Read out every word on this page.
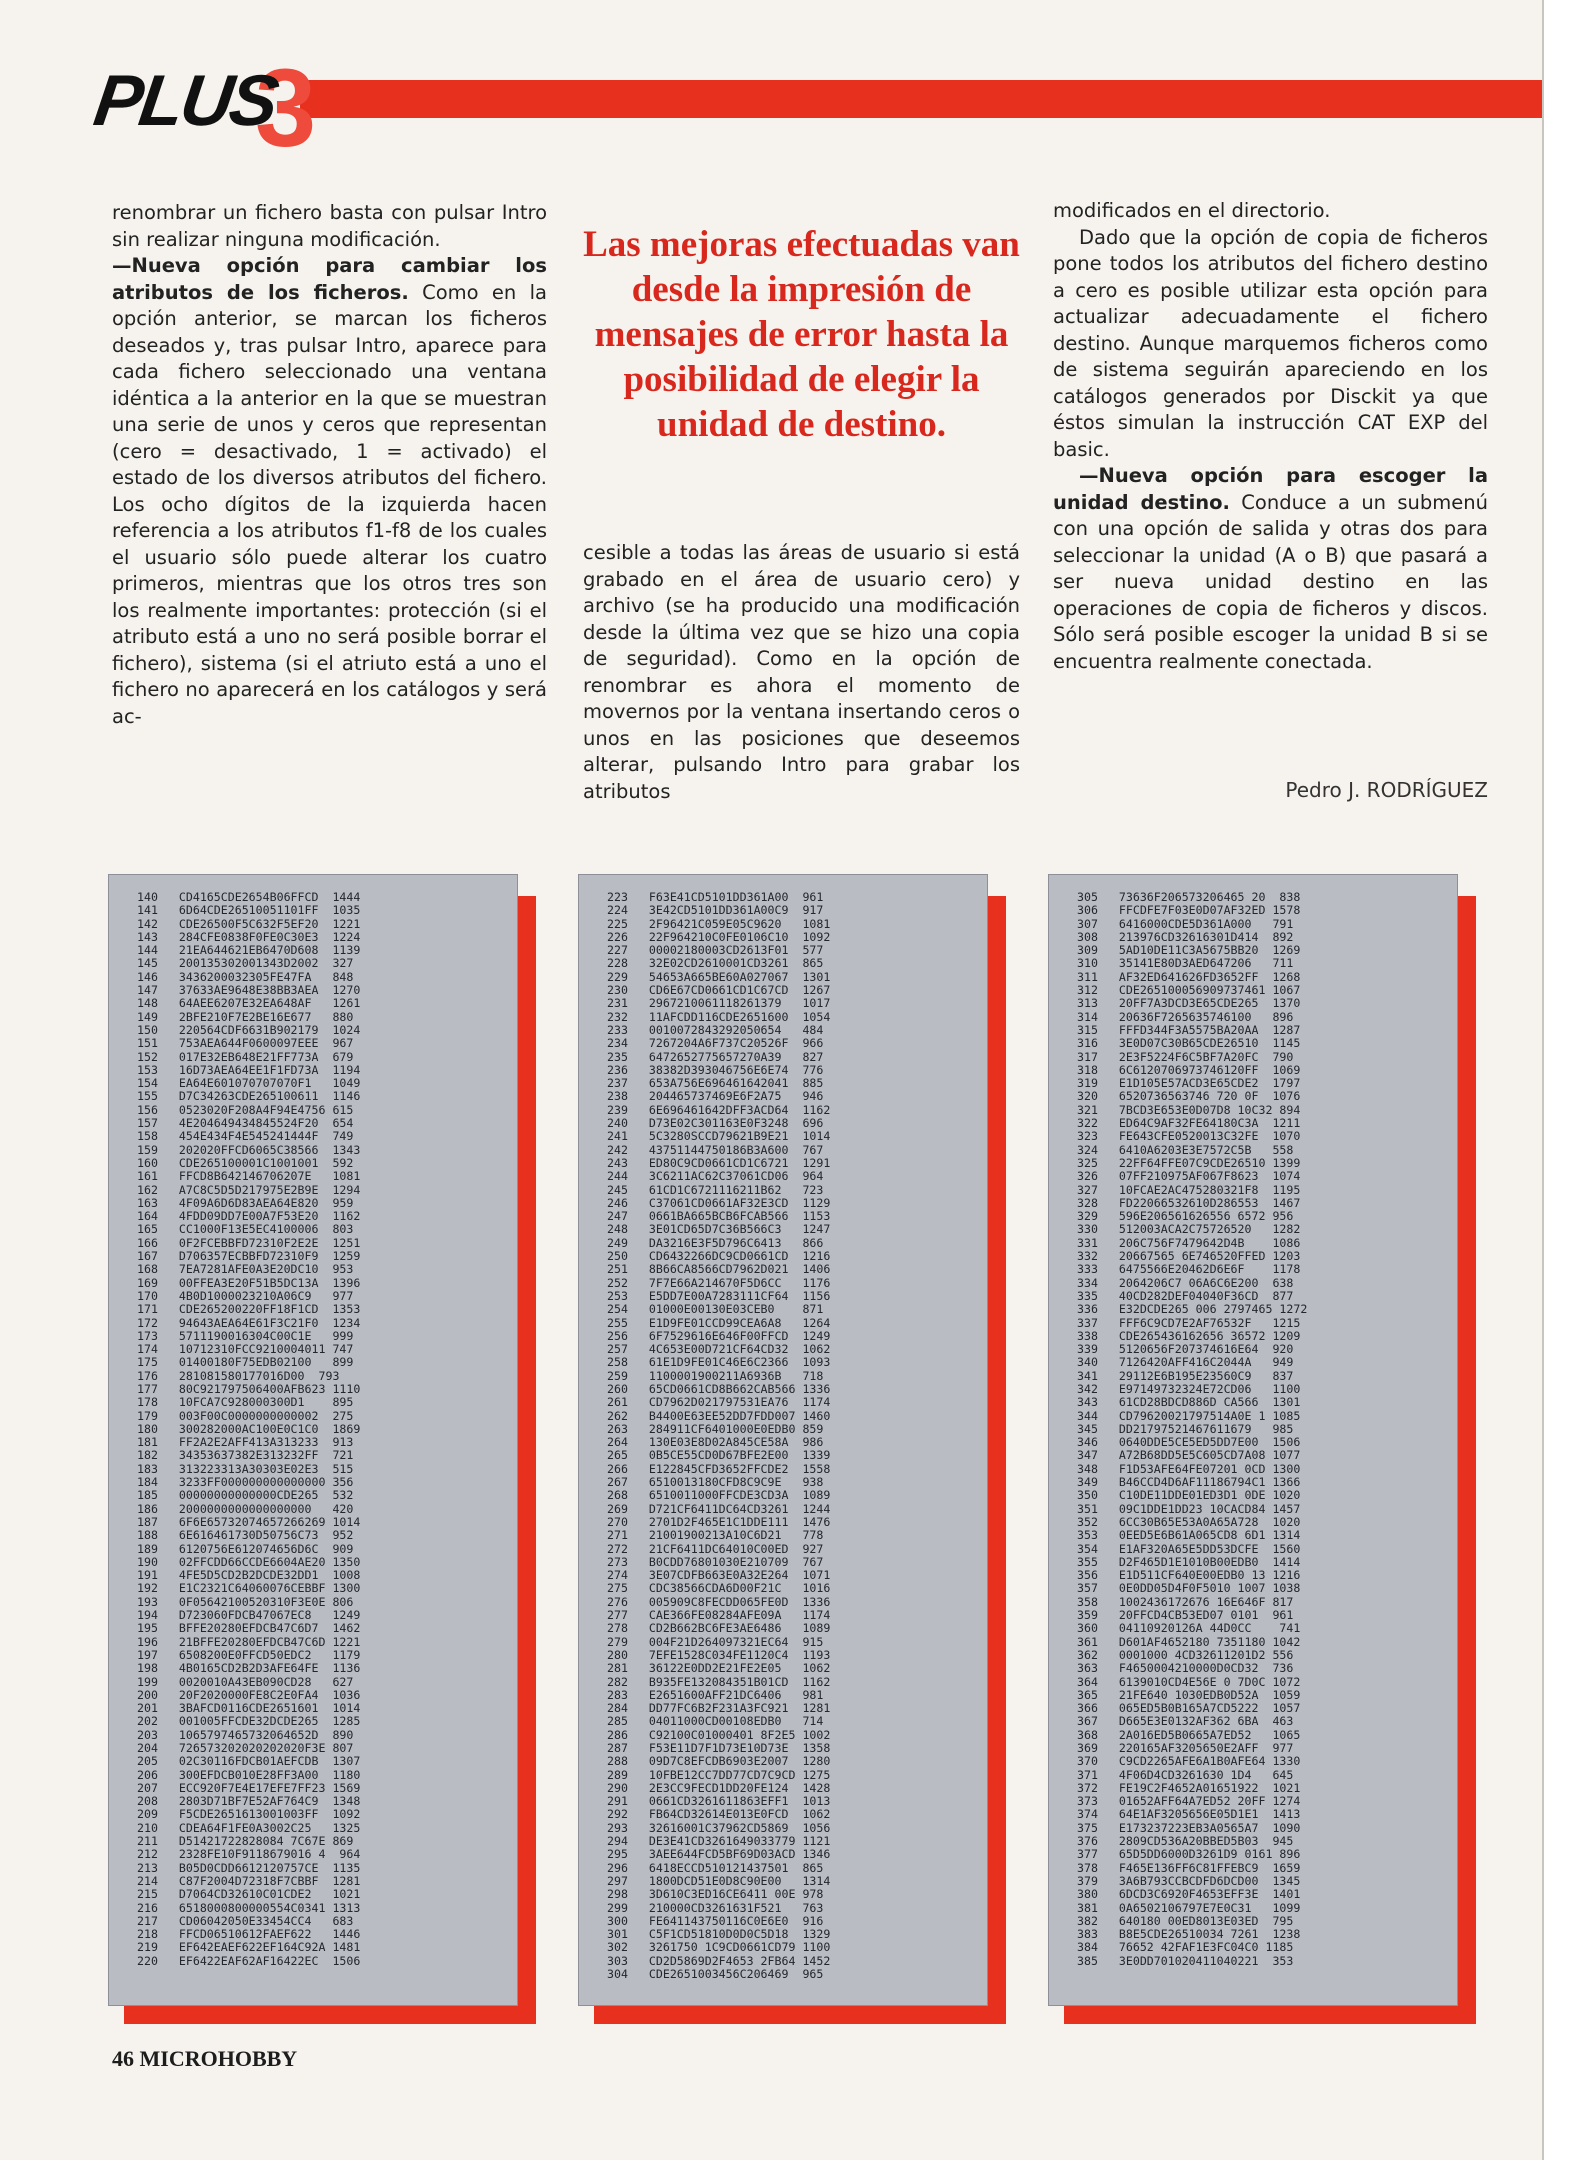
3
PLUS

renombrar un fichero basta con pulsar Intro sin realizar ninguna modificación.

—Nueva opción para cambiar los atributos de los ficheros. Como en la opción anterior, se marcan los ficheros deseados y, tras pulsar Intro, aparece para cada fichero seleccionado una ventana idéntica a la anterior en la que se muestran una serie de unos y ceros que representan (cero = desactivado, 1 = activado) el estado de los diversos atributos del fichero. Los ocho dígitos de la izquierda hacen referencia a los atributos f1-f8 de los cuales el usuario sólo puede alterar los cuatro primeros, mientras que los otros tres son los realmente importantes: protección (si el atributo está a uno no será posible borrar el fichero), sistema (si el atriuto está a uno el fichero no aparecerá en los catálogos y será ac-

Las mejoras efectuadas van desde la impresión de mensajes de error hasta la posibilidad de elegir la unidad de destino.

cesible a todas las áreas de usuario si está grabado en el área de usuario cero) y archivo (se ha producido una modificación desde la última vez que se hizo una copia de seguridad). Como en la opción de renombrar es ahora el momento de movernos por la ventana insertando ceros o unos en las posiciones que deseemos alterar, pulsando Intro para grabar los atributos

modificados en el directorio.

Dado que la opción de copia de ficheros pone todos los atributos del fichero destino a cero es posible utilizar esta opción para actualizar adecuadamente el fichero destino. Aunque marquemos ficheros como de sistema seguirán apareciendo en los catálogos generados por Disckit ya que éstos simulan la instrucción CAT EXP del basic.

—Nueva opción para escoger la unidad destino. Conduce a un submenú con una opción de salida y otras dos para seleccionar la unidad (A o B) que pasará a ser nueva unidad destino en las operaciones de copia de ficheros y discos. Sólo será posible escoger la unidad B si se encuentra realmente conectada.

Pedro J. RODRÍGUEZ
140   CD4165CDE2654B06FFCD  1444
141   6D64CDE26510051101FF  1035
142   CDE26500F5C632F5EF20  1221
143   284CFE0838F0FE0C30E3  1224
144   21EA644621EB6470D608  1139
145   200135302001343D2002  327
146   3436200032305FE47FA   848
147   37633AE9648E38BB3AEA  1270
148   64AEE6207E32EA648AF   1261
149   2BFE210F7E2BE16E677   880
150   220564CDF6631B902179  1024
151   753AEA644F0600097EEE  967
152   017E32EB648E21FF773A  679
153   16D73AEA64EE1F1FD73A  1194
154   EA64E601070707070F1   1049
155   D7C34263CDE265100611  1146
156   0523020F208A4F94E4756 615
157   4E204649434845524F20  654
158   454E434F4E545241444F  749
159   202020FFCD6065C38566  1343
160   CDE265100001C1001001  592
161   FFCD8B642146706207E   1081
162   A7C8C5D5D217975E2B9E  1294
163   4F09A6D6D83AEA64E820  959
164   4FDD09DD7E00A7F53E20  1162
165   CC1000F13E5EC4100006  803
166   0F2FCEBBFD72310F2E2E  1251
167   D706357ECBBFD72310F9  1259
168   7EA7281AFE0A3E20DC10  953
169   00FFEA3E20F51B5DC13A  1396
170   4B0D1000023210A06C9   977
171   CDE265200220FF18F1CD  1353
172   94643AEA64E61F3C21F0  1234
173   5711190016304C00C1E   999
174   10712310FCC9210004011 747
175   01400180F75EDB02100   899
176   281081580177016D00  793
177   80C921797506400AFB623 1110
178   10FCA7C928000300D1    895
179   003F00C0000000000002  275
180   300282000AC100E0C1C0  1869
181   FF2A2E2AFF413A313233  913
182   34353637382E313232FF  721
183   313223313A30303E02E3  515
184   3233FF000000000000000 356
185   00000000000000CDE265  532
186   2000000000000000000   420
187   6F6E65732074657266269 1014
188   6E616461730D50756C73  952
189   6120756E612074656D6C  909
190   02FFCDD66CCDE6604AE20 1350
191   4FE5D5CD2B2DCDE32DD1  1008
192   E1C2321C64060076CEBBF 1300
193   0F05642100520310F3E0E 806
194   D723060FDCB47067EC8   1249
195   BFFE20280EFDCB47C6D7  1462
196   21BFFE20280EFDCB47C6D 1221
197   6508200E0FFCD50EDC2   1179
198   4B0165CD2B2D3AFE64FE  1136
199   0020010A43EB090CD28   627
200   20F2020000FE8C2E0FA4  1036
201   3BAFCD0116CDE2651601  1014
202   001005FFCDE32DCDE265  1285
203   1065797465732064652D  890
204   726573202020202020F3E 807
205   02C30116FDCB01AEFCDB  1307
206   300EFDCB010E28FF3A00  1180
207   ECC920F7E4E17EFE7FF23 1569
208   2803D71BF7E52AF764C9  1348
209   F5CDE2651613001003FF  1092
210   CDEA64F1FE0A3002C25   1325
211   D51421722828084 7C67E 869
212   2328FE10F9118679016 4  964
213   B05D0CDD6612120757CE  1135
214   C87F2004D72318F7CBBF  1281
215   D7064CD32610C01CDE2   1021
216   6518000800000554C0341 1313
217   CD06042050E33454CC4   683
218   FFCD06510612FAEF622   1446
219   EF642EAEF622EF164C92A 1481
220   EF6422EAF62AF16422EC  1506
223   F63E41CD5101DD361A00  961
224   3E42CD5101DD361A00C9  917
225   2F96421C059E05C9620   1081
226   22F964210C0FE0106C10  1092
227   00002180003CD2613F01  577
228   32E02CD2610001CD3261  865
229   54653A665BE60A027067  1301
230   CD6E67CD0661CD1C67CD  1267
231   2967210061118261379   1017
232   11AFCDD116CDE2651600  1054
233   0010072843292050654   484
234   7267204A6F737C20526F  966
235   6472652775657270A39   827
236   38382D393046756E6E74  776
237   653A756E696461642041  885
238   204465737469E6F2A75   946
239   6E696461642DFF3ACD64  1162
240   D73E02C301163E0F3248  696
241   5C3280SCCD79621B9E21  1014
242   43751144750186B3A600  767
243   ED80C9CD0661CD1C6721  1291
244   3C6211AC62C37061CD06  964
245   61CD1C6721116211B62   723
246   C37061CD0661AF32E3CD  1129
247   0661BA665BCB6FCAB566  1153
248   3E01CD65D7C36B566C3   1247
249   DA3216E3F5D796C6413   866
250   CD6432266DC9CD0661CD  1216
251   8B66CA8566CD7962D021  1406
252   7F7E66A214670F5D6CC   1176
253   E5DD7E00A7283111CF64  1156
254   01000E00130E03CEB0    871
255   E1D9FE01CCD99CEA6A8   1264
256   6F7529616E646F00FFCD  1249
257   4C653E00D721CF64CD32  1062
258   61E1D9FE01C46E6C2366  1093
259   1100001900211A6936B   718
260   65CD0661CD8B662CAB566 1336
261   CD7962D021797531EA76  1174
262   B4400E63EE52DD7FDD007 1460
263   284911CF6401000E0EDB0 859
264   130E03E8D02A845CE58A  986
265   0B5CE55CD0D67BFE2E00  1339
266   E122845CFD3652FFCDE2  1558
267   6510013180CFD8C9C9E   938
268   6510011000FFCDE3CD3A  1089
269   D721CF6411DC64CD3261  1244
270   2701D2F465E1C1DDE111  1476
271   21001900213A10C6D21   778
272   21CF6411DC64010C00ED  927
273   B0CDD76801030E210709  767
274   3E07CDFB663E0A32E264  1071
275   CDC38566CDA6D00F21C   1016
276   005909C8FECDD065FE0D  1336
277   CAE366FE08284AFE09A   1174
278   CD2B662BC6FE3AE6486   1089
279   004F21D264097321EC64  915
280   7EFE1528C034FE1120C4  1193
281   36122E0DD2E21FE2E05   1062
282   B935FE132084351B01CD  1162
283   E2651600AFF21DC6406   981
284   DD77FC6B2F231A3FC921  1281
285   04011000CD00108EDB0   714
286   C92100C01000401 8F2E5 1002
287   F53E11D7F1D73E10D73E  1358
288   09D7C8EFCDB6903E2007  1280
289   10FBE12CC7DD77CD7C9CD 1275
290   2E3CC9FECD1DD20FE124  1428
291   0661CD3261611863EFF1  1013
292   FB64CD32614E013E0FCD  1062
293   32616001C37962CD5869  1056
294   DE3E41CD3261649033779 1121
295   3AEE644FCD5BF69D03ACD 1346
296   6418ECCD510121437501  865
297   1800DCD51E0D8C90E00   1314
298   3D610C3ED16CE6411 00E 978
299   210000CD3261631F521   763
300   FE641143750116C0E6E0  916
301   C5F1CD51810D0D0C5D18  1329
302   3261750 1C9CD0661CD79 1100
303   CD2D5869D2F4653 2FB64 1452
304   CDE2651003456C206469  965
305   73636F206573206465 20  838
306   FFCDFE7F03E0D07AF32ED 1578
307   6416000CDE5D361A000   791
308   213976CD32616301D414  892
309   5AD10DE11C3A5675BB20  1269
310   35141E80D3AED647206   711
311   AF32ED641626FD3652FF  1268
312   CDE265100056909737461 1067
313   20FF7A3DCD3E65CDE265  1370
314   20636F7265635746100   896
315   FFFD344F3A5575BA20AA  1287
316   3E0D07C30B65CDE26510  1145
317   2E3F5224F6C5BF7A20FC  790
318   6C6120706973746120FF  1069
319   E1D105E57ACD3E65CDE2  1797
320   6520736563746 720 0F  1076
321   7BCD3E653E0D07D8 10C32 894
322   ED64C9AF32FE64180C3A  1211
323   FE643CFE0520013C32FE  1070
324   6410A6203E3E7572C5B   558
325   22FF64FFE07C9CDE26510 1399
326   07FF210975AF067F8623  1074
327   10FCAE2AC475280321F8  1195
328   FD22066532610D286553  1467
329   596E206561626556 6572 956
330   512003ACA2C75726520   1282
331   206C756F7479642D4B    1086
332   20667565 6E746520FFED 1203
333   6475566E20462D6E6F    1178
334   2064206C7 06A6C6E200  638
335   40CD282DEF04040F36CD  877
336   E32DCDE265 006 2797465 1272
337   FFF6C9CD7E2AF76532F   1215
338   CDE265436162656 36572 1209
339   5120656F207374616E64  920
340   7126420AFF416C2044A   949
341   29112E6B195E23560C9   837
342   E97149732324E72CD06   1100
343   61CD28BDCD886D CA566  1301
344   CD79620021797514A0E 1 1085
345   DD21797521467611679   985
346   0640DDE5CE5ED5DD7E00  1506
347   A72B68DD5E5C605CD7A08 1077
348   F1D53AFE64FE07201 0CD 1300
349   B46CCD4D6AF11186794C1 1366
350   C10DE11DDE01ED3D1 0DE 1020
351   09C1DDE1DD23 10CACD84 1457
352   6CC30B65E53A0A65A728  1020
353   0EED5E6B61A065CD8 6D1 1314
354   E1AF320A65E5DD53DCFE  1560
355   D2F465D1E1010B00EDB0  1414
356   E1D511CF640E00EDB0 13 1216
357   0E0DD05D4F0F5010 1007 1038
358   1002436172676 16E646F 817
359   20FFCD4CB53ED07 0101  961
360   04110920126A 44D0CC    741
361   D601AF4652180 7351180 1042
362   0001000 4CD32611201D2 556
363   F4650004210000D0CD32  736
364   6139010CD4E56E 0 7D0C 1072
365   21FE640 1030EDB0D52A  1059
366   065ED5B0B165A7CD5222  1057
367   D665E3E0132AF362 6BA  463
368   2A016ED5B0665A7ED52   1065
369   220165AF3205650E2AFF  977
370   C9CD2265AFE6A1B0AFE64 1330
371   4F06D4CD3261630 1D4   645
372   FE19C2F4652A01651922  1021
373   01652AFF64A7ED52 20FF 1274
374   64E1AF3205656E05D1E1  1413
375   E173237223EB3A0565A7  1090
376   2809CD536A20BBED5B03  945
377   65D5DD6000D3261D9 0161 896
378   F465E136FF6C81FFEBC9  1659
379   3A6B793CCBCDFD6DCD00  1345
380   6DCD3C6920F4653EFF3E  1401
381   0A6502106797E7E0C31   1099
382   640180 00ED8013E03ED  795
383   B8E5CDE26510034 7261  1238
384   76652 42FAF1E3FC04C0 1185
385   3E0DD701020411040221  353
46 MICROHOBBY
